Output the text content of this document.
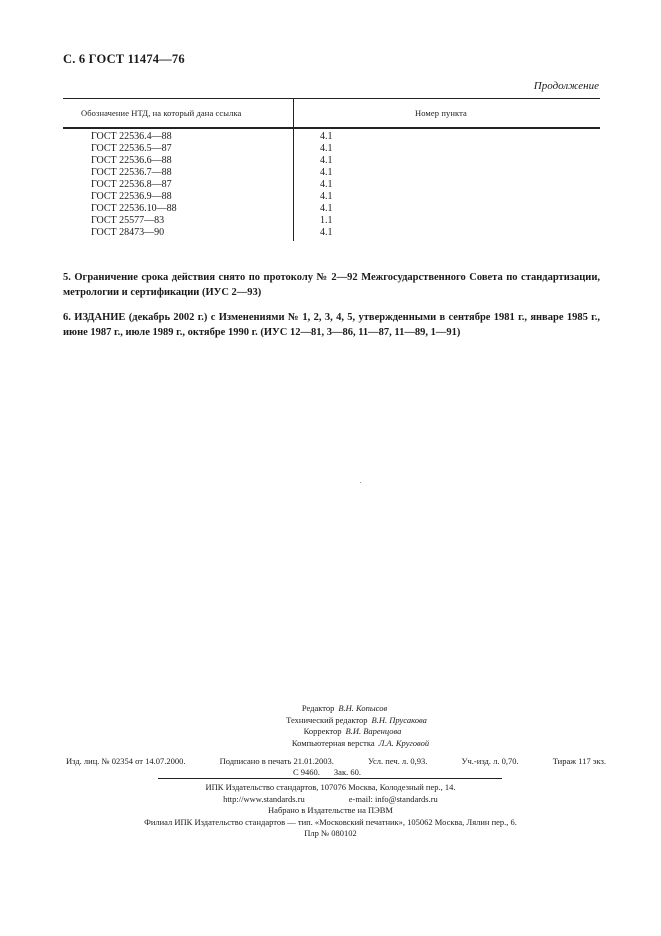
С. 6 ГОСТ 11474—76
Продолжение
Обозначение НТД, на который дана ссылка	Номер пункта
ГОСТ 22536.4—88	4.1
ГОСТ 22536.5—87	4.1
ГОСТ 22536.6—88	4.1
ГОСТ 22536.7—88	4.1
ГОСТ 22536.8—87	4.1
ГОСТ 22536.9—88	4.1
ГОСТ 22536.10—88	4.1
ГОСТ 25577—83	1.1
ГОСТ 28473—90	4.1
5. Ограничение срока действия снято по протоколу № 2—92 Межгосударственного Совета по стандартизации, метрологии и сертификации (ИУС 2—93)
6. ИЗДАНИЕ (декабрь 2002 г.) с Изменениями № 1, 2, 3, 4, 5, утвержденными в сентябре 1981 г., январе 1985 г., июне 1987 г., июле 1989 г., октябре 1990 г. (ИУС 12—81, 3—86, 11—87, 11—89, 1—91)
Редактор В.Н. Копысов
Технический редактор В.Н. Прусакова
Корректор В.И. Варенцова
Компьютерная верстка Л.А. Круговой
Изд. лиц. № 02354 от 14.07.2000.	Подписано в печать 21.01.2003.	Усл. печ. л. 0,93.	Уч.-изд. л. 0,70.	Тираж 117 экз.
С 9460. Зак. 60.
ИПК Издательство стандартов, 107076 Москва, Колодезный пер., 14.
http://www.standards.ru	e-mail: info@standards.ru
Набрано в Издательстве на ПЭВМ
Филиал ИПК Издательство стандартов — тип. «Московский печатник», 105062 Москва, Лялин пер., 6.
Плр № 080102
